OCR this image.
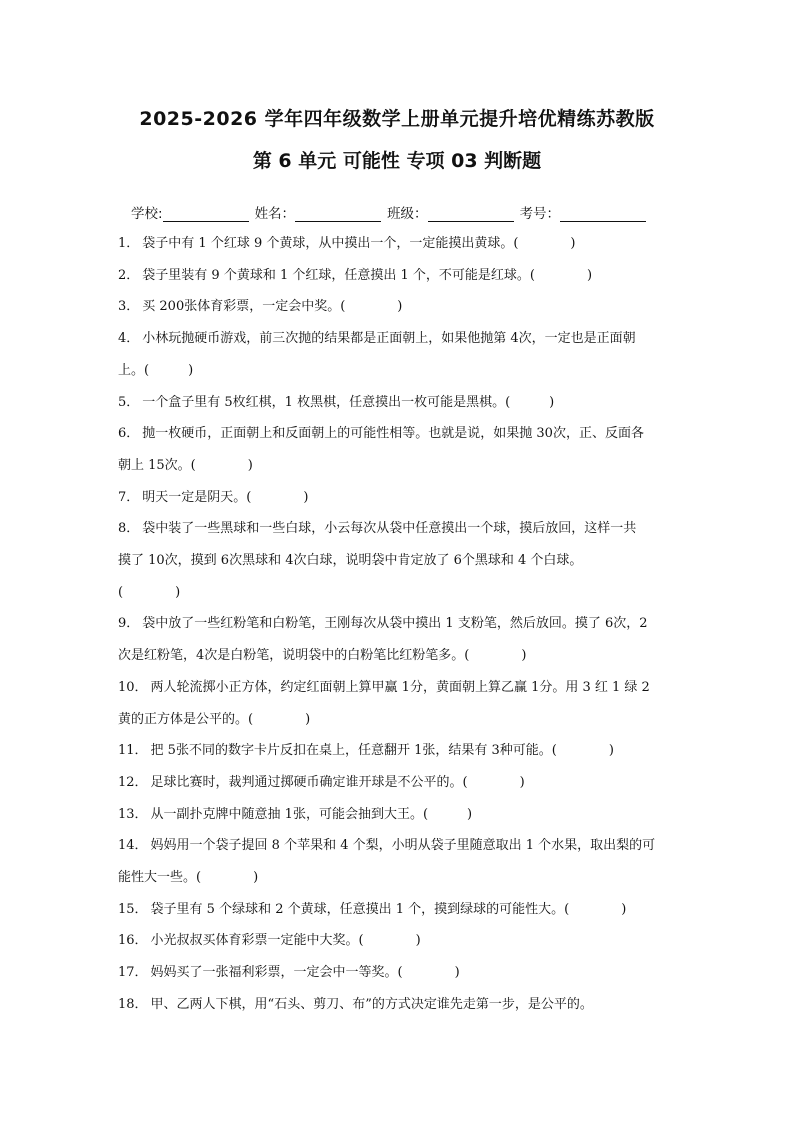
2025-2026 学年四年级数学上册单元提升培优精练苏教版
第 6 单元 可能性 专项 03 判断题
学校:	姓名：	班级：	考号：
1． 袋子中有 1 个红球 9 个黄球，从中摸出一个，一定能摸出黄球。(　　　　)
2． 袋子里装有 9 个黄球和 1 个红球，任意摸出 1 个，不可能是红球。(　　　　)
3． 买 200张体育彩票，一定会中奖。(　　　　)
4． 小林玩抛硬币游戏，前三次抛的结果都是正面朝上，如果他抛第 4次，一定也是正面朝
上。(　　　)
5． 一个盒子里有 5枚红棋，1 枚黑棋，任意摸出一枚可能是黑棋。(　　　)
6． 抛一枚硬币，正面朝上和反面朝上的可能性相等。也就是说，如果抛 30次，正、反面各
朝上 15次。(　　　　)
7． 明天一定是阴天。(　　　　)
8． 袋中装了一些黑球和一些白球，小云每次从袋中任意摸出一个球，摸后放回，这样一共
摸了 10次，摸到 6次黑球和 4次白球，说明袋中肯定放了 6个黑球和 4 个白球。
(　　　　)
9． 袋中放了一些红粉笔和白粉笔，王刚每次从袋中摸出 1 支粉笔，然后放回。摸了 6次，2
次是红粉笔，4次是白粉笔，说明袋中的白粉笔比红粉笔多。(　　　　)
10． 两人轮流掷小正方体，约定红面朝上算甲赢 1分，黄面朝上算乙赢 1分。用 3 红 1 绿 2
黄的正方体是公平的。(　　　　)
11． 把 5张不同的数字卡片反扣在桌上，任意翻开 1张，结果有 3种可能。(　　　　)
12． 足球比赛时，裁判通过掷硬币确定谁开球是不公平的。(　　　　)
13． 从一副扑克牌中随意抽 1张，可能会抽到大王。(　　　)
14． 妈妈用一个袋子提回 8 个苹果和 4 个梨，小明从袋子里随意取出 1 个水果，取出梨的可
能性大一些。(　　　　)
15． 袋子里有 5 个绿球和 2 个黄球，任意摸出 1 个，摸到绿球的可能性大。(　　　　)
16． 小光叔叔买体育彩票一定能中大奖。(　　　　)
17． 妈妈买了一张福利彩票，一定会中一等奖。(　　　　)
18． 甲、乙两人下棋，用“石头、剪刀、布”的方式决定谁先走第一步，是公平的。
